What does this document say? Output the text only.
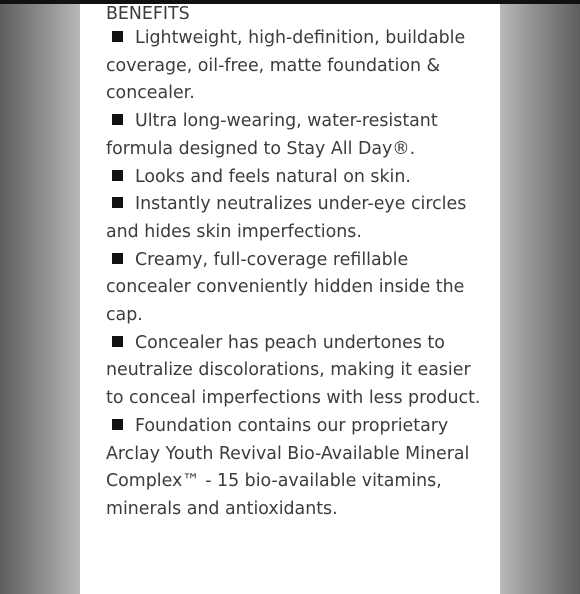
BENEFITS
Lightweight, high-definition, buildable coverage, oil-free, matte foundation & concealer.
Ultra long-wearing, water-resistant formula designed to Stay All Day®.
Looks and feels natural on skin.
Instantly neutralizes under-eye circles and hides skin imperfections.
Creamy, full-coverage refillable concealer conveniently hidden inside the cap.
Concealer has peach undertones to neutralize discolorations, making it easier to conceal imperfections with less product.
Foundation contains our proprietary Arclay Youth Revival Bio-Available Mineral Complex™ - 15 bio-available vitamins, minerals and antioxidants.
